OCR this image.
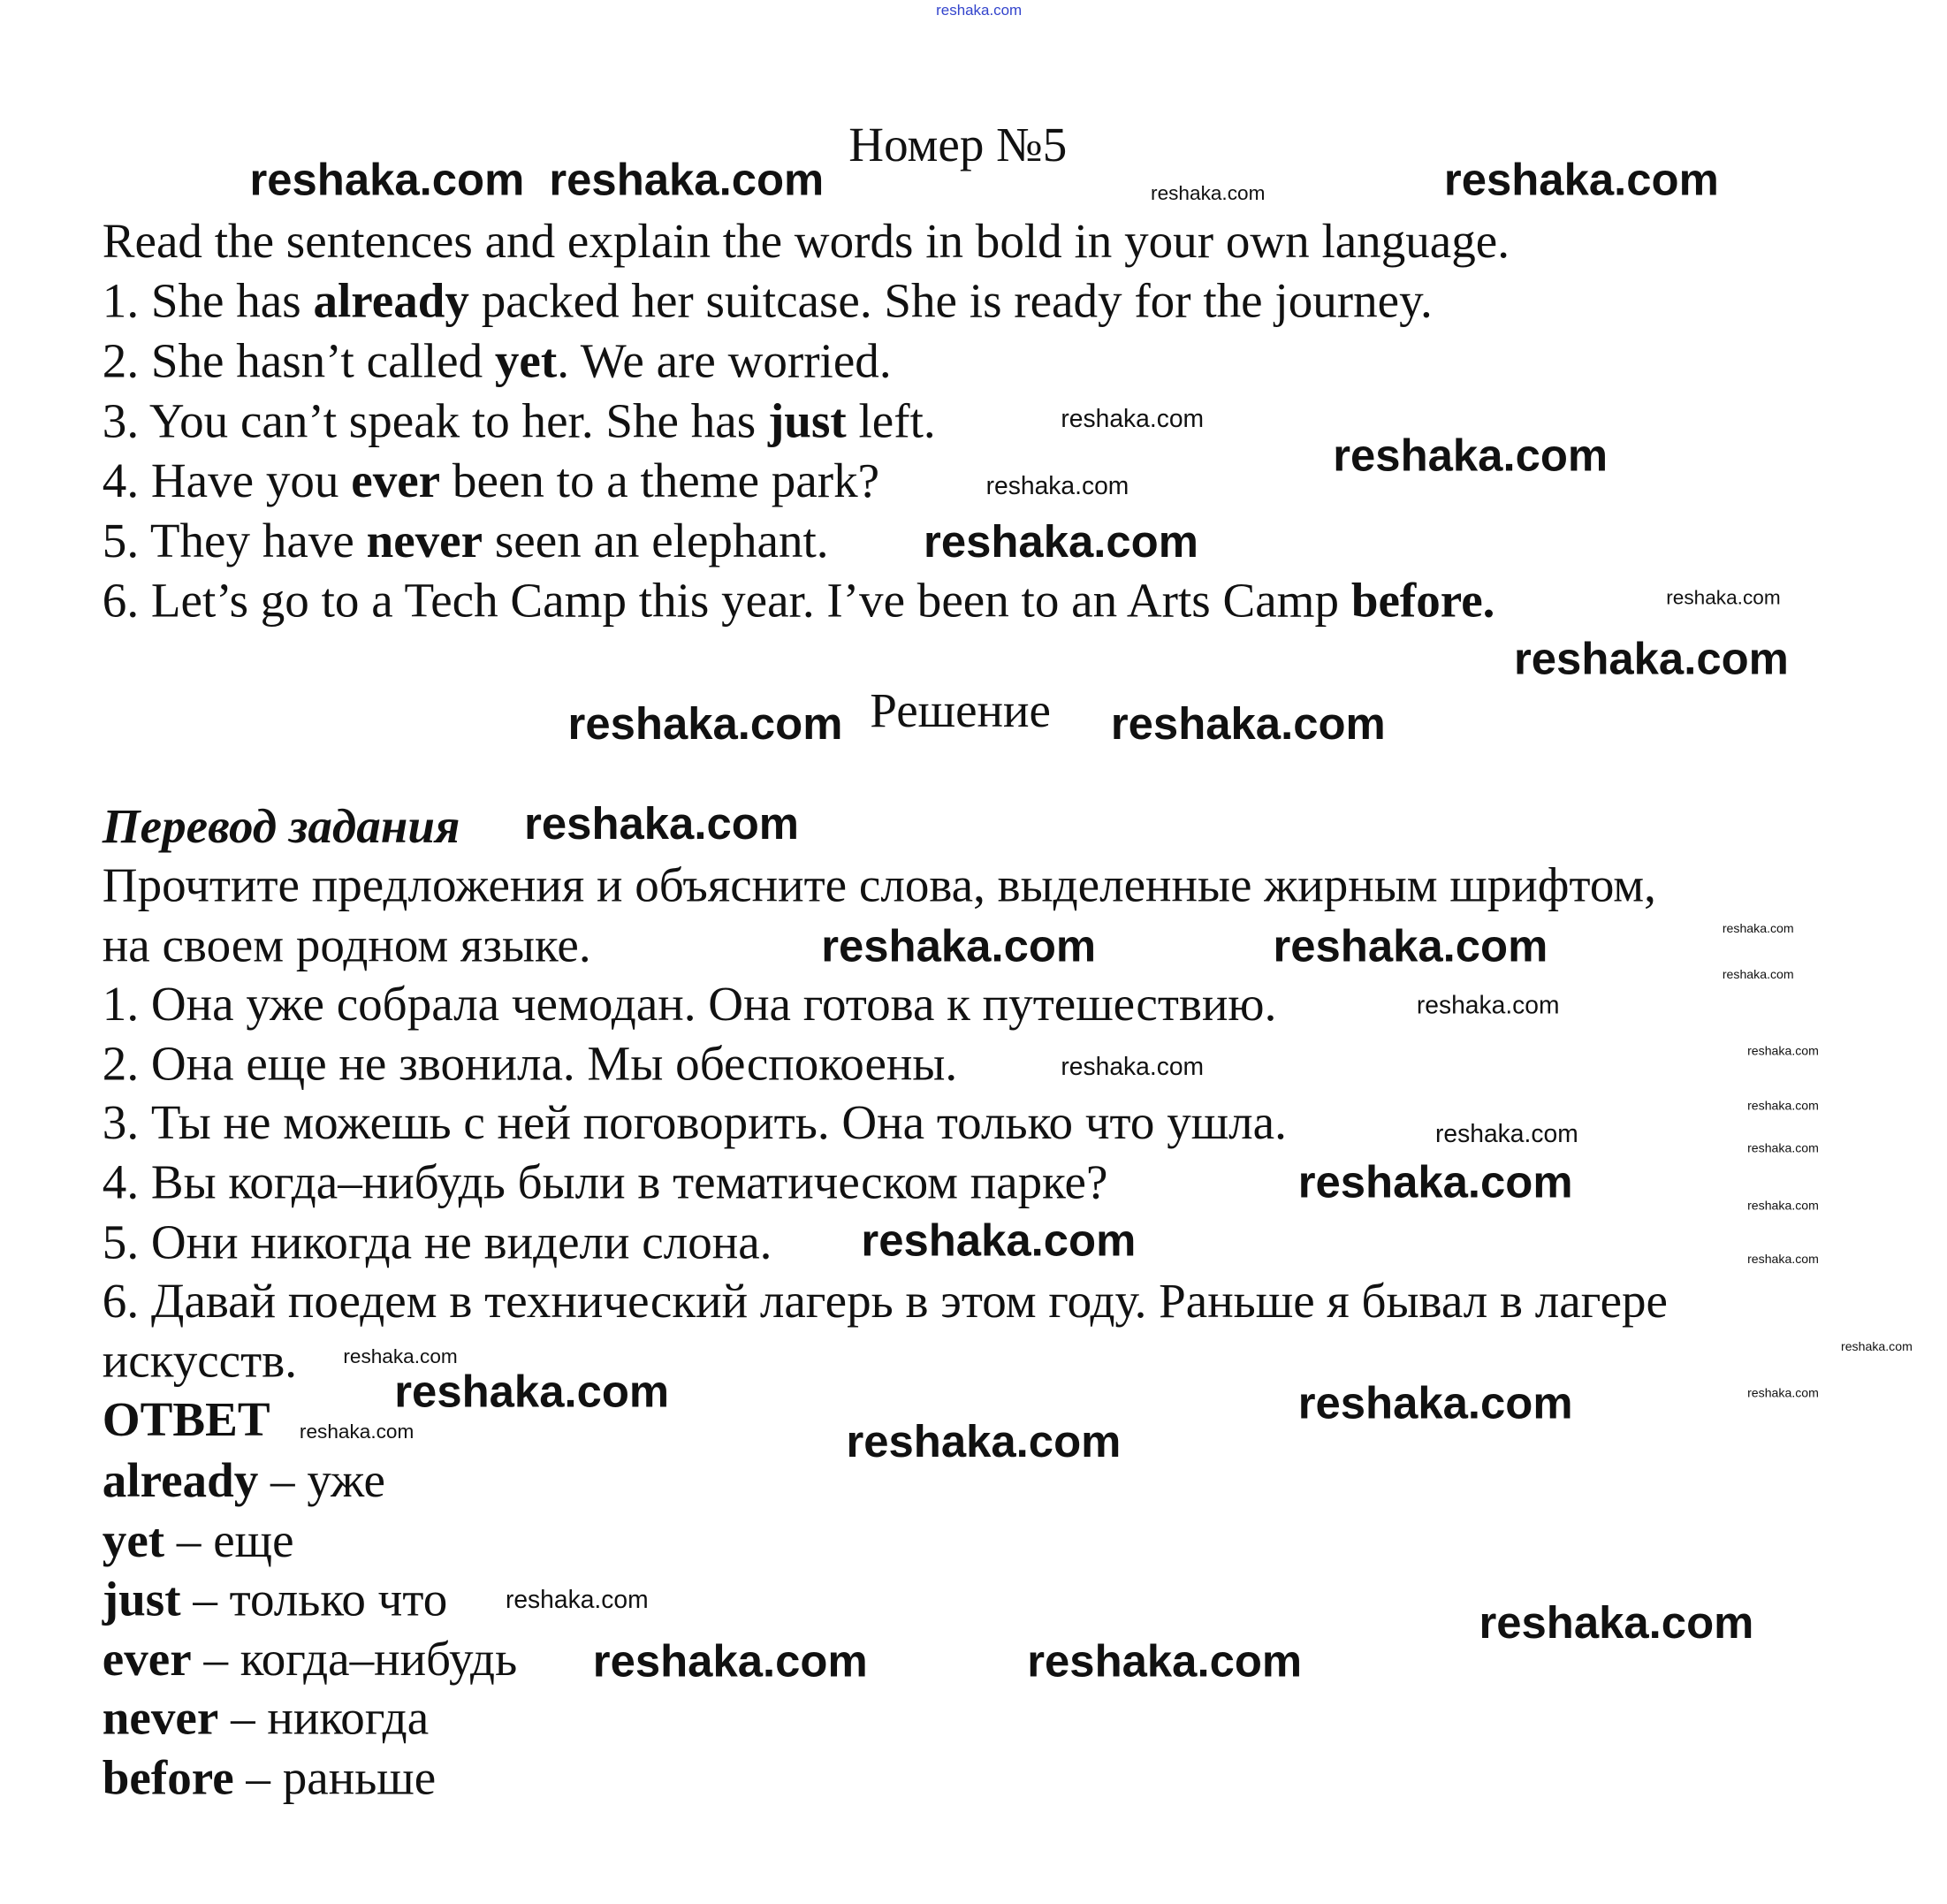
Номер №5
Read the sentences and explain the words in bold in your own language.
1. She has already packed her suitcase. She is ready for the journey.
2. She hasn’t called yet. We are worried.
3. You can’t speak to her. She has just left.
4. Have you ever been to a theme park?
5. They have never seen an elephant.
6. Let’s go to a Tech Camp this year. I’ve been to an Arts Camp before.
Решение
Перевод задания
Прочтите предложения и объясните слова, выделенные жирным шрифтом,
на своем родном языке.
1. Она уже собрала чемодан. Она готова к путешествию.
2. Она еще не звонила. Мы обеспокоены.
3. Ты не можешь с ней поговорить. Она только что ушла.
4. Вы когда–нибудь были в тематическом парке?
5. Они никогда не видели слона.
6. Давай поедем в технический лагерь в этом году. Раньше я бывал в лагере
искусств.
ОТВЕТ
already – уже
yet – еще
just – только что
ever – когда–нибудь
never – никогда
before – раньше
reshaka.com
reshaka.com reshaka.com	reshaka.com	reshaka.com
reshaka.com
reshaka.com
reshaka.com
reshaka.com
reshaka.com
reshaka.com
reshaka.com	reshaka.com
reshaka.com
reshaka.com
reshaka.com	reshaka.com
reshaka.com
reshaka.com
reshaka.com
reshaka.com
reshaka.com
reshaka.com
reshaka.com
reshaka.com	reshaka.com
reshaka.com	reshaka.com
reshaka.com	reshaka.com
reshaka.com	reshaka.com
reshaka.com
reshaka.com
reshaka.com
reshaka.com
reshaka.com
reshaka.com	reshaka.com
